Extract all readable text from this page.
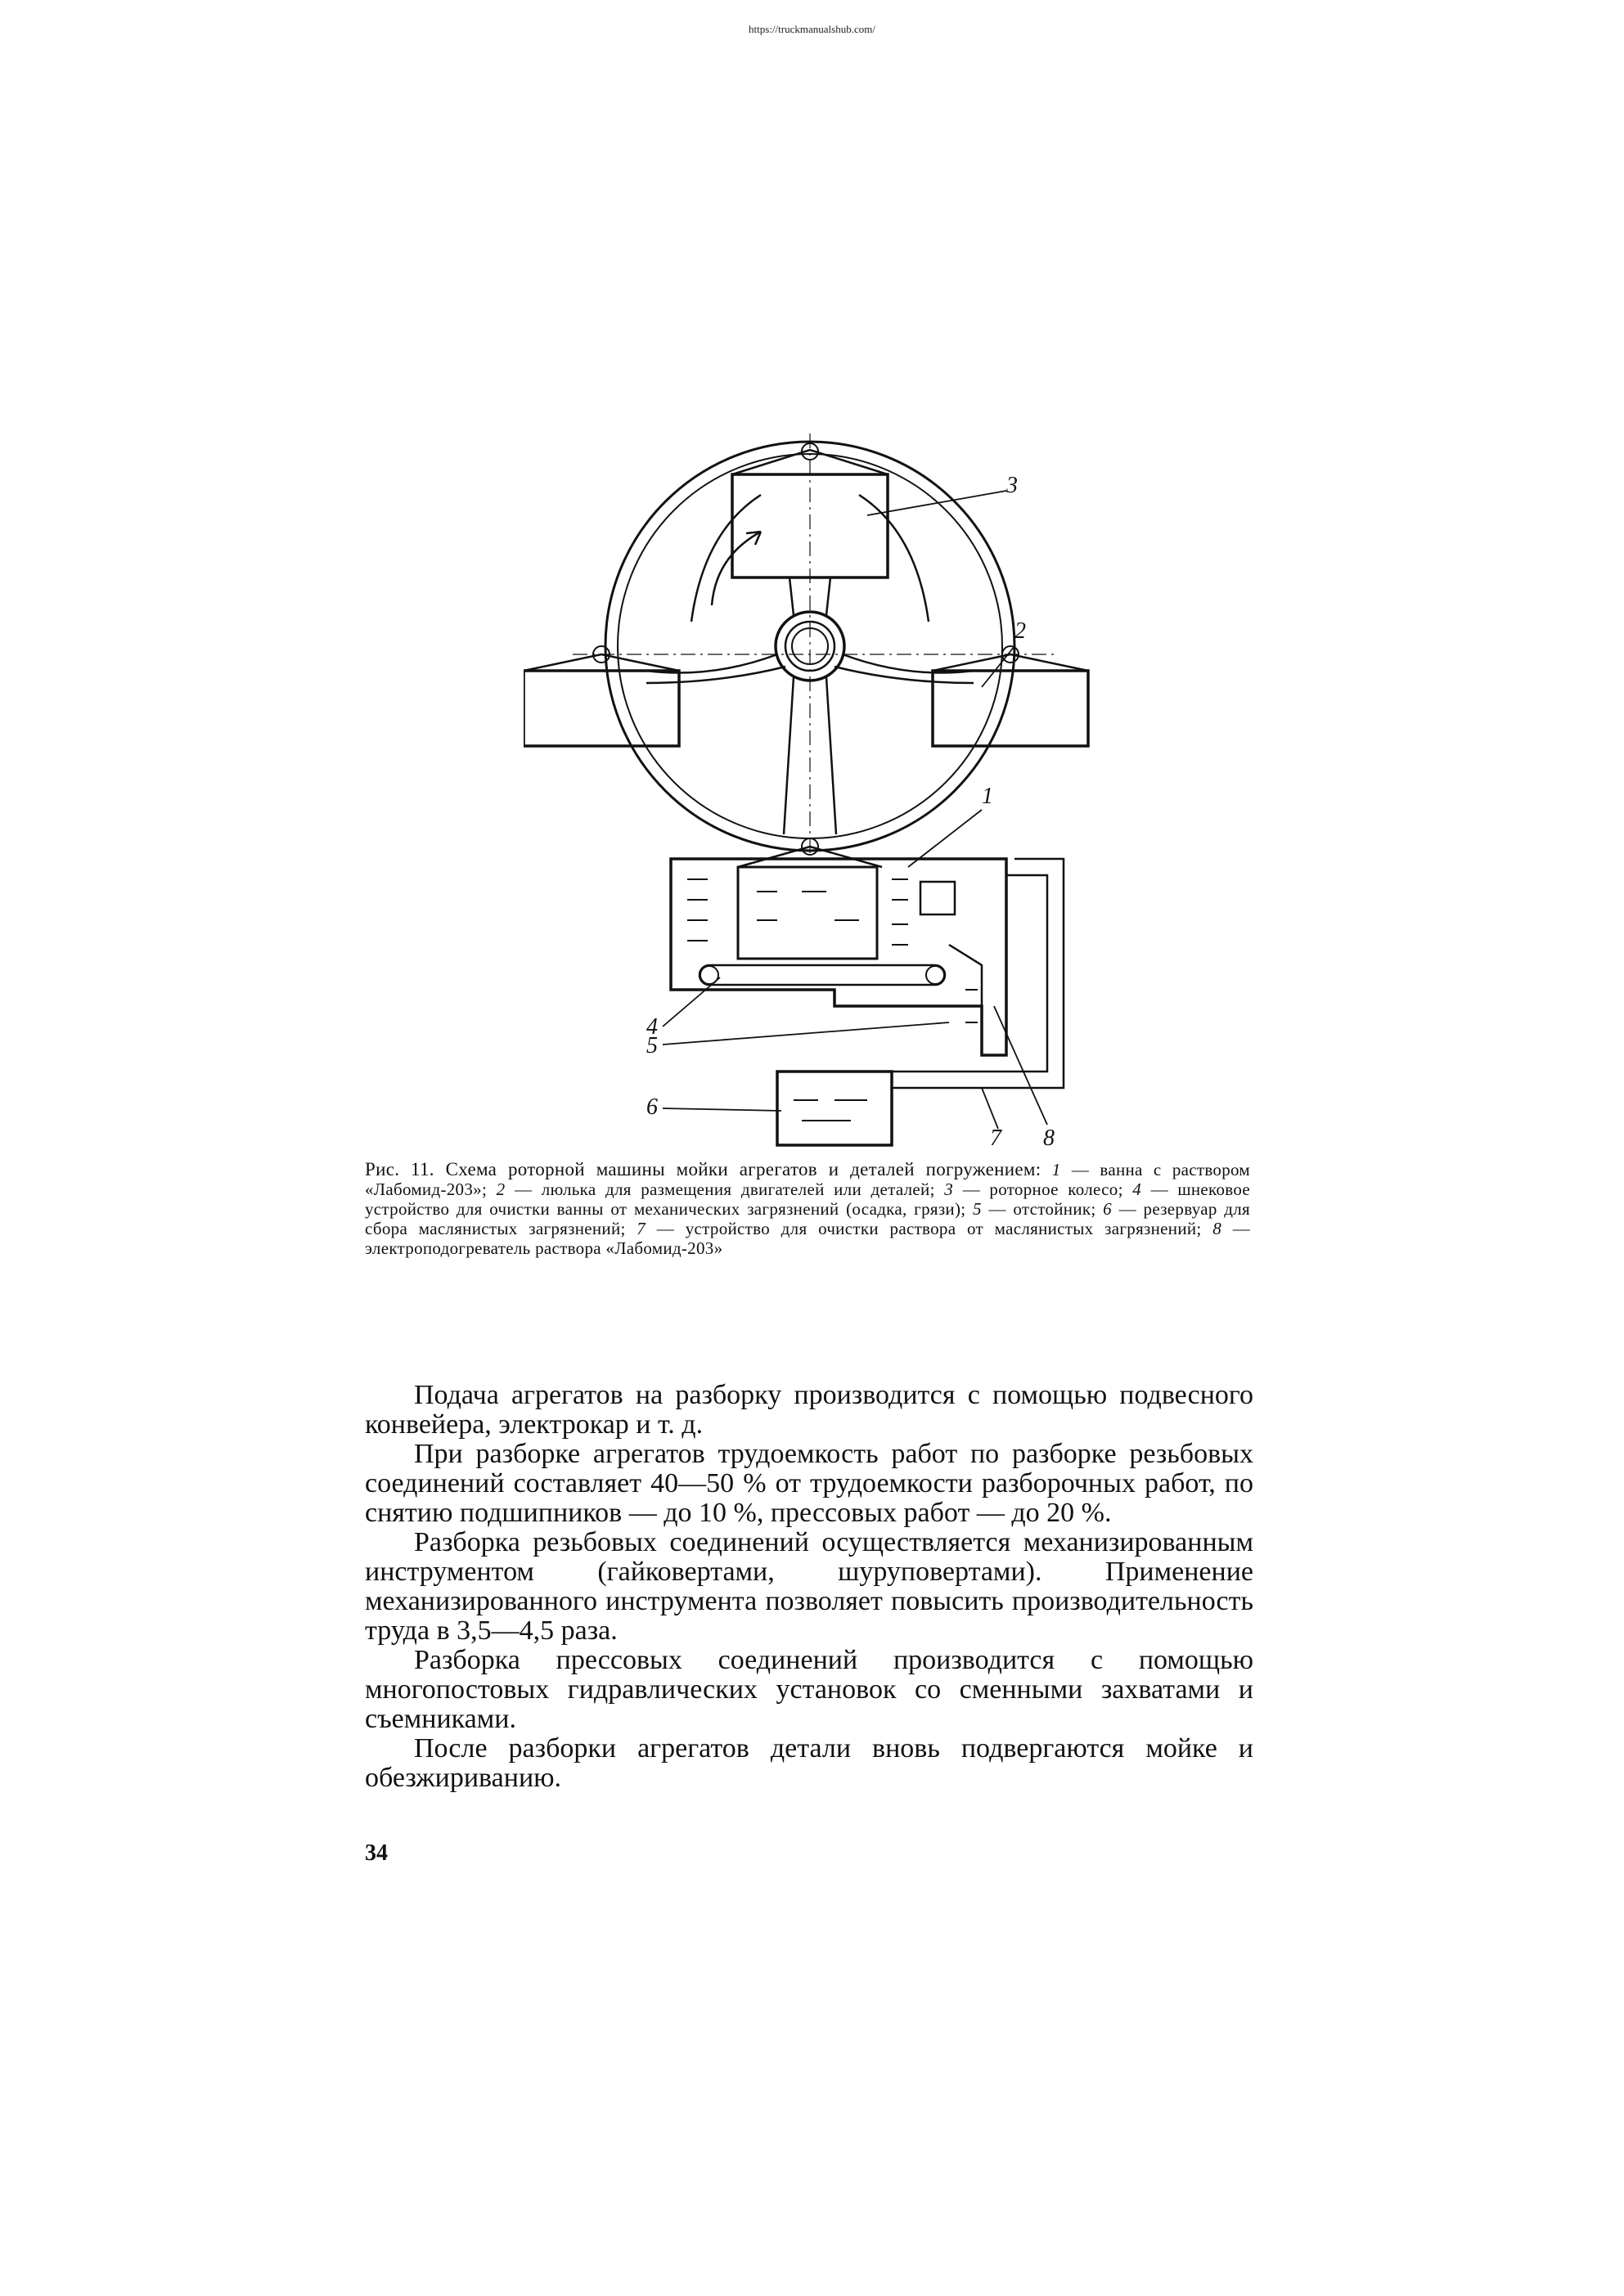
https://truckmanualshub.com/
3
2
1
4
5
6
7 8
Рис. 11. Схема роторной машины мойки агрегатов и деталей погружением: 1 — ванна с раствором «Лабомид-203»; 2 — люлька для размещения двигателей или деталей; 3 — роторное колесо; 4 — шнековое устройство для очистки ванны от механических загрязнений (осадка, грязи); 5 — отстойник; 6 — резервуар для сбора маслянистых загрязнений; 7 — устройство для очистки раствора от маслянистых загрязнений; 8 — электроподогреватель раствора «Лабомид-203»

Подача агрегатов на разборку производится с помощью подвесного конвейера, электрокар и т. д.

При разборке агрегатов трудоемкость работ по разборке резьбовых соединений составляет 40—50 % от трудоемкости разборочных работ, по снятию подшипников — до 10 %, прессовых работ — до 20 %.

Разборка резьбовых соединений осуществляется механизированным инструментом (гайковертами, шуруповертами). Применение механизированного инструмента позволяет повысить производительность труда в 3,5—4,5 раза.

Разборка прессовых соединений производится с помощью многопостовых гидравлических установок со сменными захватами и съемниками.

После разборки агрегатов детали вновь подвергаются мойке и обезжириванию.

34
